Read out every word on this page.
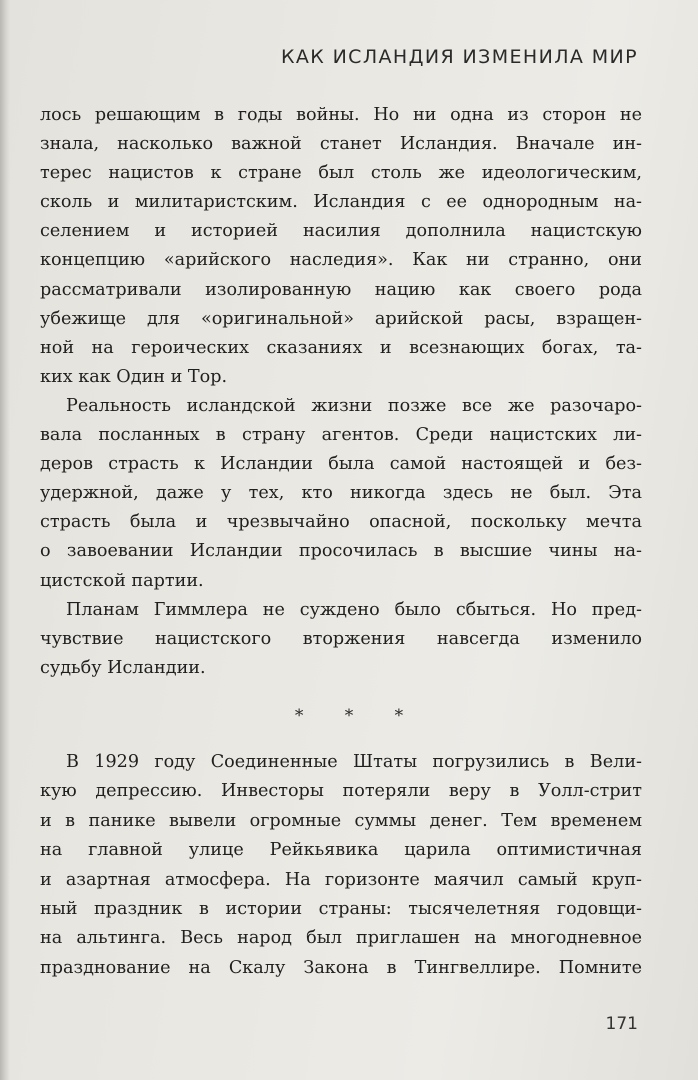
КАК ИСЛАНДИЯ ИЗМЕНИЛА МИР
лось решающим в годы войны. Но ни одна из сторон не
знала, насколько важной станет Исландия. Вначале ин-
терес нацистов к стране был столь же идеологическим,
сколь и милитаристским. Исландия с ее однородным на-
селением и историей насилия дополнила нацистскую
концепцию «арийского наследия». Как ни странно, они
рассматривали изолированную нацию как своего рода
убежище для «оригинальной» арийской расы, взращен-
ной на героических сказаниях и всезнающих богах, та-
ких как Один и Тор.
Реальность исландской жизни позже все же разочаро-
вала посланных в страну агентов. Среди нацистских ли-
деров страсть к Исландии была самой настоящей и без-
удержной, даже у тех, кто никогда здесь не был. Эта
страсть была и чрезвычайно опасной, поскольку мечта
о завоевании Исландии просочилась в высшие чины на-
цистской партии.
Планам Гиммлера не суждено было сбыться. Но пред-
чувствие нацистского вторжения навсегда изменило
судьбу Исландии.
* * *
В 1929 году Соединенные Штаты погрузились в Вели-
кую депрессию. Инвесторы потеряли веру в Уолл-стрит
и в панике вывели огромные суммы денег. Тем временем
на главной улице Рейкьявика царила оптимистичная
и азартная атмосфера. На горизонте маячил самый круп-
ный праздник в истории страны: тысячелетняя годовщи-
на альтинга. Весь народ был приглашен на многодневное
празднование на Скалу Закона в Тингвеллире. Помните
171
